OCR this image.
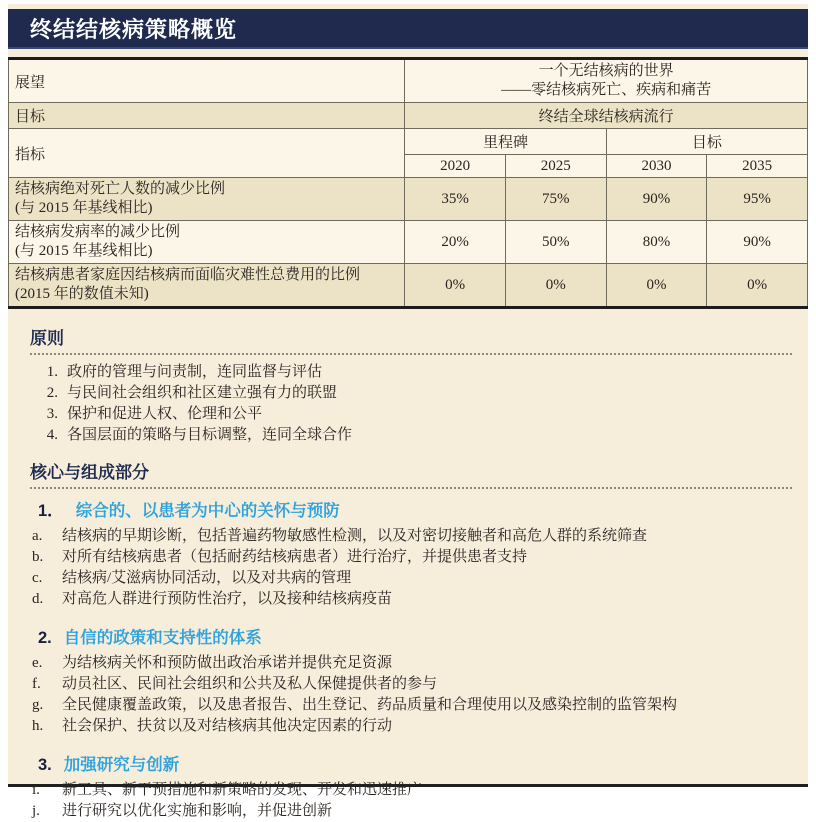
终结结核病策略概览
展望	一个无结核病的世界
——零结核病死亡、疾病和痛苦			

目标	终结全球结核病流行			
指标	里程碑		目标	
	2020	2025	2030	2035

结核病绝对死亡人数的减少比例
(与 2015 年基线相比)	35%	75%	90%	95%

结核病发病率的减少比例
(与 2015 年基线相比)	20%	50%	80%	90%

结核病患者家庭因结核病而面临灾难性总费用的比例
(2015 年的数值未知)	0%	0%	0%	0%
原则
1. 政府的管理与问责制，连同监督与评估
2. 与民间社会组织和社区建立强有力的联盟
3. 保护和促进人权、伦理和公平
4. 各国层面的策略与目标调整，连同全球合作
核心与组成部分
1． 综合的、以患者为中心的关怀与预防
a.	结核病的早期诊断，包括普遍药物敏感性检测，以及对密切接触者和高危人群的系统筛查
b.	对所有结核病患者（包括耐药结核病患者）进行治疗，并提供患者支持
c.	结核病/艾滋病协同活动，以及对共病的管理
d.	对高危人群进行预防性治疗，以及接种结核病疫苗
2. 自信的政策和支持性的体系
e.	为结核病关怀和预防做出政治承诺并提供充足资源
f.	动员社区、民间社会组织和公共及私人保健提供者的参与
g.	全民健康覆盖政策，以及患者报告、出生登记、药品质量和合理使用以及感染控制的监管架构
h.	社会保护、扶贫以及对结核病其他决定因素的行动
3. 加强研究与创新
i.	新工具、新干预措施和新策略的发现、开发和迅速推广
j.	进行研究以优化实施和影响，并促进创新
